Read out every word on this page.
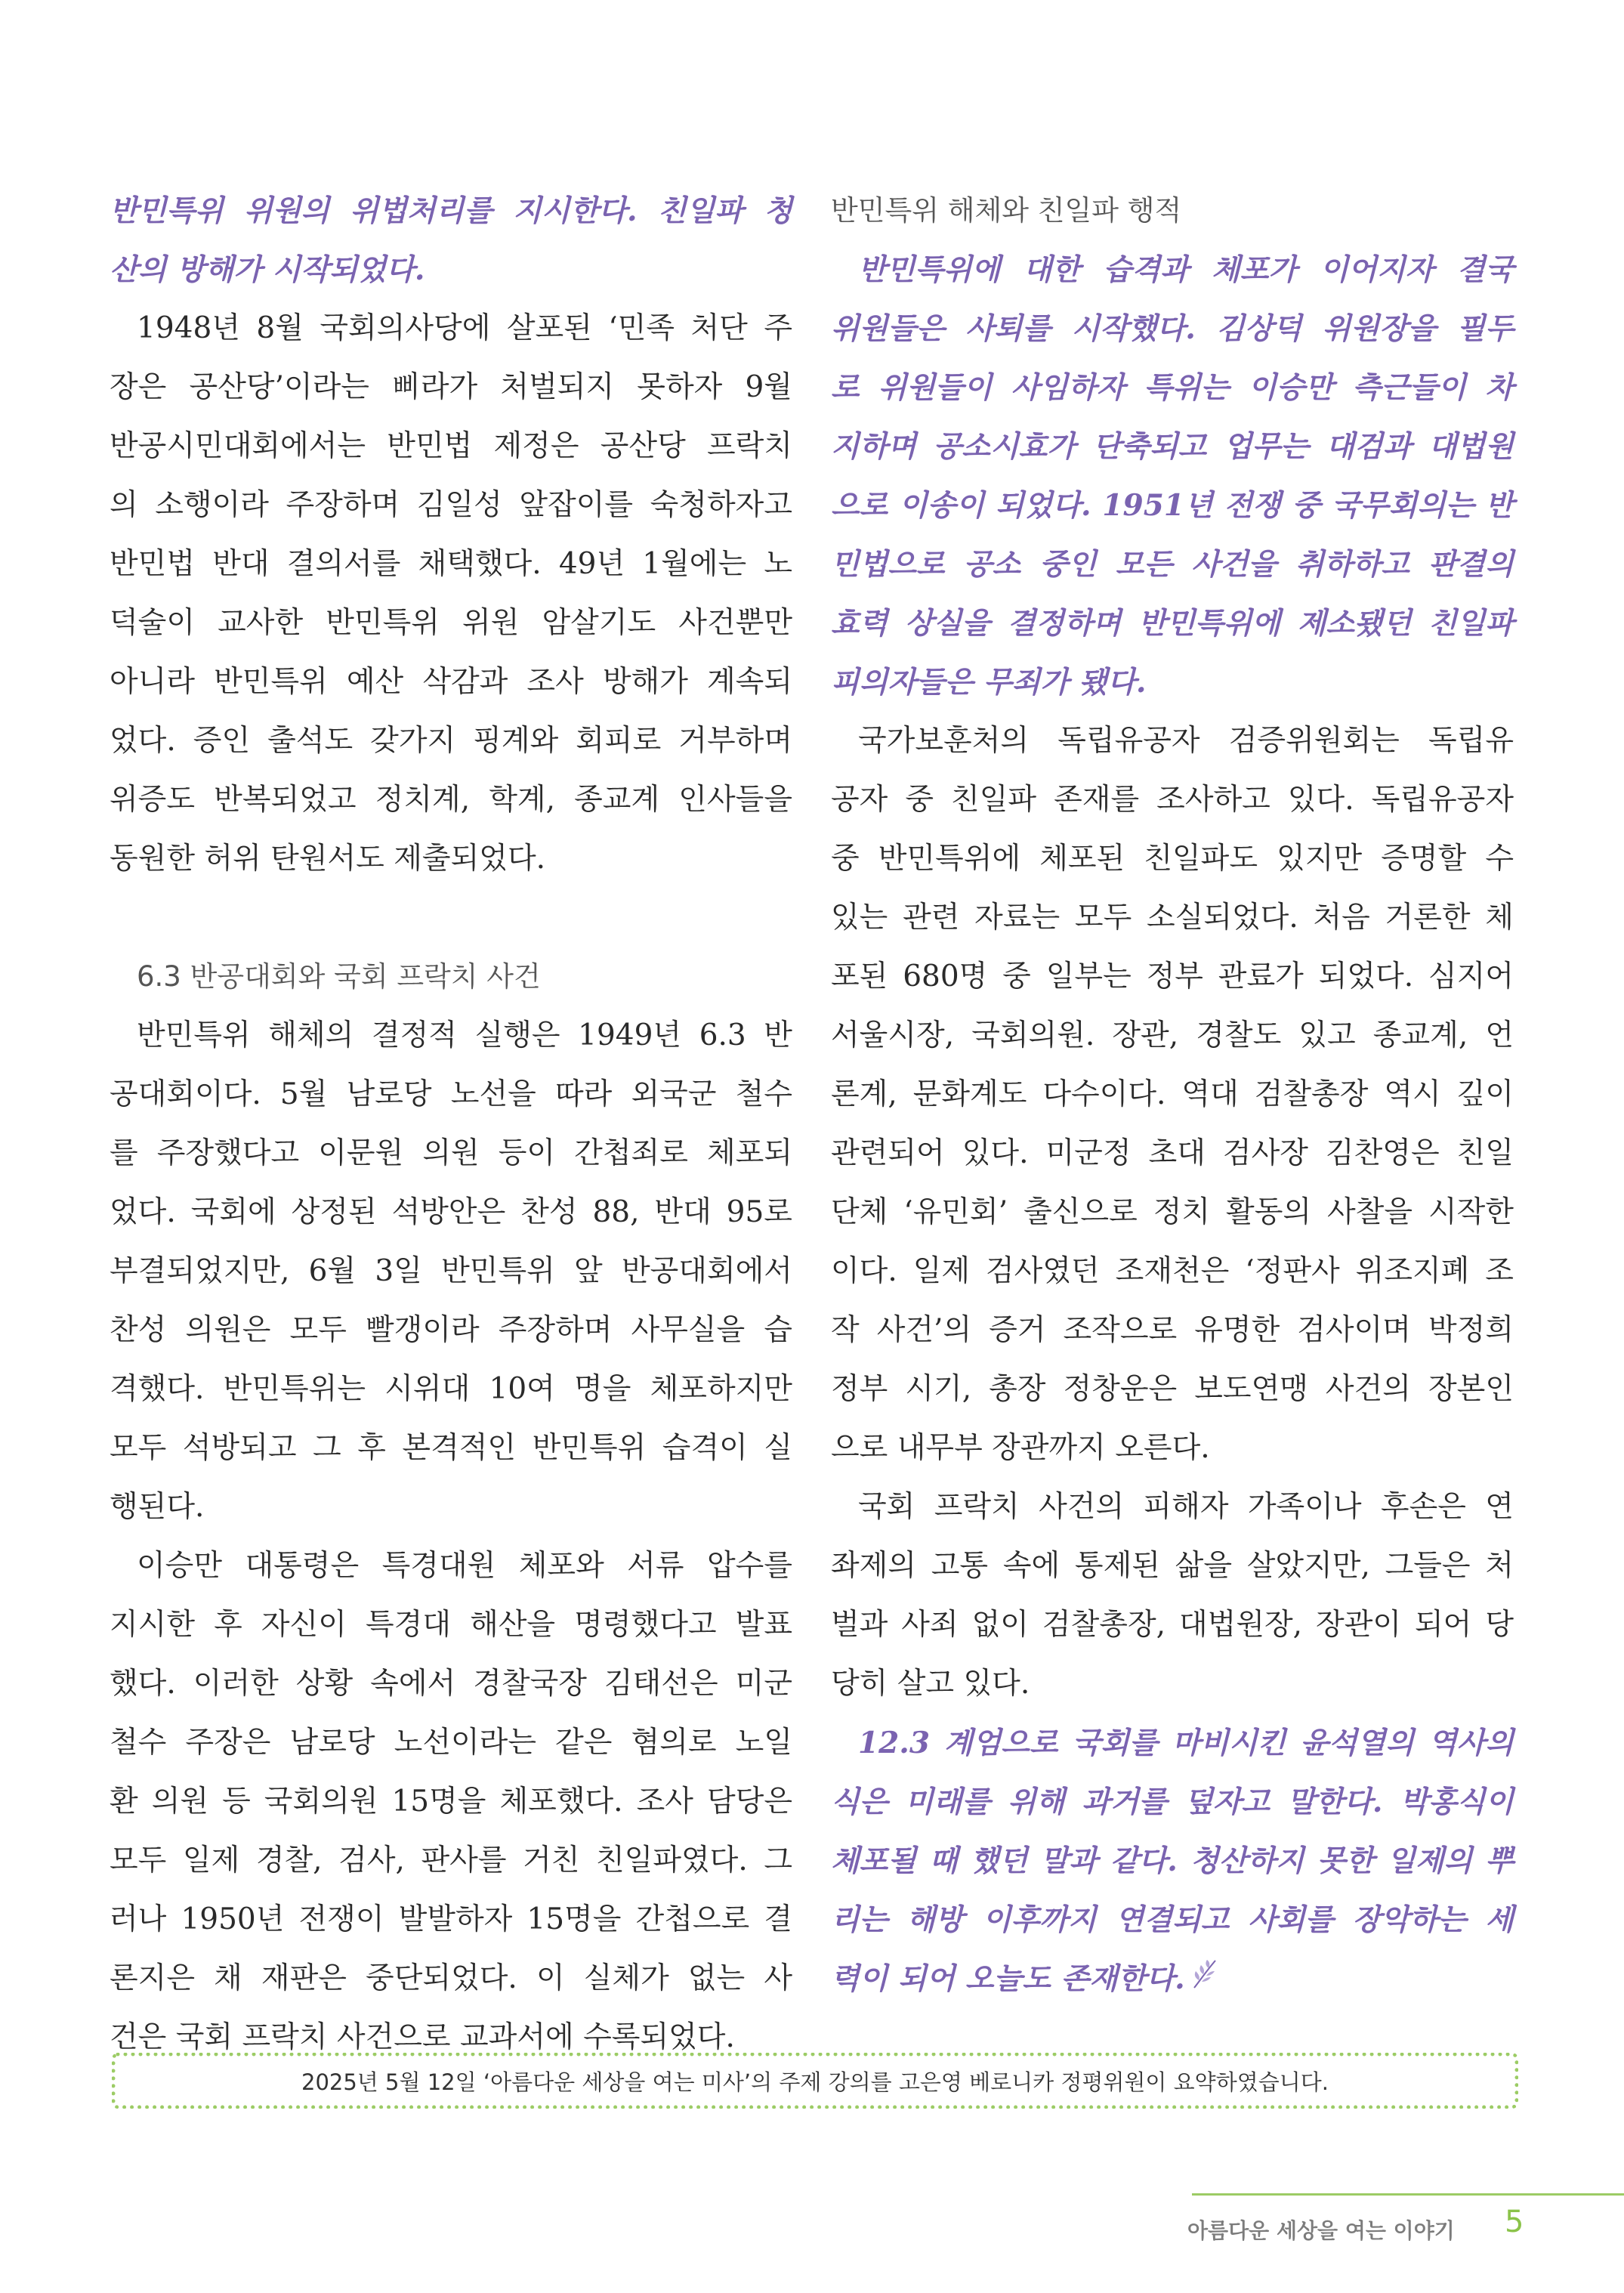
반민특위 위원의 위법처리를 지시한다. 친일파 청
산의 방해가 시작되었다.
1948년 8월 국회의사당에 살포된 ‘민족 처단 주
장은 공산당’이라는 삐라가 처벌되지 못하자 9월
반공시민대회에서는 반민법 제정은 공산당 프락치
의 소행이라 주장하며 김일성 앞잡이를 숙청하자고
반민법 반대 결의서를 채택했다. 49년 1월에는 노
덕술이 교사한 반민특위 위원 암살기도 사건뿐만
아니라 반민특위 예산 삭감과 조사 방해가 계속되
었다. 증인 출석도 갖가지 핑계와 회피로 거부하며
위증도 반복되었고 정치계, 학계, 종교계 인사들을
동원한 허위 탄원서도 제출되었다.
6.3 반공대회와 국회 프락치 사건
반민특위 해체의 결정적 실행은 1949년 6.3 반
공대회이다. 5월 남로당 노선을 따라 외국군 철수
를 주장했다고 이문원 의원 등이 간첩죄로 체포되
었다. 국회에 상정된 석방안은 찬성 88, 반대 95로
부결되었지만, 6월 3일 반민특위 앞 반공대회에서
찬성 의원은 모두 빨갱이라 주장하며 사무실을 습
격했다. 반민특위는 시위대 10여 명을 체포하지만
모두 석방되고 그 후 본격적인 반민특위 습격이 실
행된다.
이승만 대통령은 특경대원 체포와 서류 압수를
지시한 후 자신이 특경대 해산을 명령했다고 발표
했다. 이러한 상황 속에서 경찰국장 김태선은 미군
철수 주장은 남로당 노선이라는 같은 혐의로 노일
환 의원 등 국회의원 15명을 체포했다. 조사 담당은
모두 일제 경찰, 검사, 판사를 거친 친일파였다. 그
러나 1950년 전쟁이 발발하자 15명을 간첩으로 결
론지은 채 재판은 중단되었다. 이 실체가 없는 사
건은 국회 프락치 사건으로 교과서에 수록되었다.
반민특위 해체와 친일파 행적
반민특위에 대한 습격과 체포가 이어지자 결국
위원들은 사퇴를 시작했다. 김상덕 위원장을 필두
로 위원들이 사임하자 특위는 이승만 측근들이 차
지하며 공소시효가 단축되고 업무는 대검과 대법원
으로 이송이 되었다. 1951년 전쟁 중 국무회의는 반
민법으로 공소 중인 모든 사건을 취하하고 판결의
효력 상실을 결정하며 반민특위에 제소됐던 친일파
피의자들은 무죄가 됐다.
국가보훈처의 독립유공자 검증위원회는 독립유
공자 중 친일파 존재를 조사하고 있다. 독립유공자
중 반민특위에 체포된 친일파도 있지만 증명할 수
있는 관련 자료는 모두 소실되었다. 처음 거론한 체
포된 680명 중 일부는 정부 관료가 되었다. 심지어
서울시장, 국회의원. 장관, 경찰도 있고 종교계, 언
론계, 문화계도 다수이다. 역대 검찰총장 역시 깊이
관련되어 있다. 미군정 초대 검사장 김찬영은 친일
단체 ‘유민회’ 출신으로 정치 활동의 사찰을 시작한
이다. 일제 검사였던 조재천은 ‘정판사 위조지폐 조
작 사건’의 증거 조작으로 유명한 검사이며 박정희
정부 시기, 총장 정창운은 보도연맹 사건의 장본인
으로 내무부 장관까지 오른다.
국회 프락치 사건의 피해자 가족이나 후손은 연
좌제의 고통 속에 통제된 삶을 살았지만, 그들은 처
벌과 사죄 없이 검찰총장, 대법원장, 장관이 되어 당
당히 살고 있다.
12.3 계엄으로 국회를 마비시킨 윤석열의 역사의
식은 미래를 위해 과거를 덮자고 말한다. 박홍식이
체포될 때 했던 말과 같다. 청산하지 못한 일제의 뿌
리는 해방 이후까지 연결되고 사회를 장악하는 세
력이 되어 오늘도 존재한다.
2025년 5월 12일 ‘아름다운 세상을 여는 미사’의 주제 강의를 고은영 베로니카 정평위원이 요약하였습니다.
아름다운 세상을 여는 이야기 5
